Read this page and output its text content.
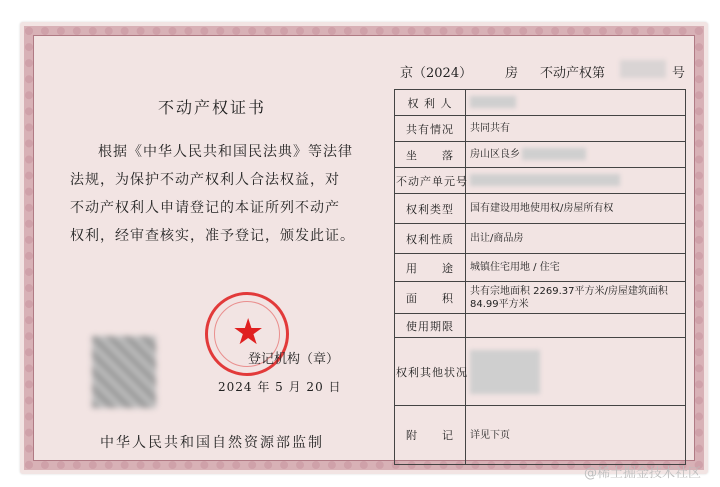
不动产权证书
根据《中华人民共和国民法典》等法律
法规，为保护不动产权利人合法权益，对
不动产权利人申请登记的本证所列不动产
权利，经审查核实，准予登记，颁发此证。
★
登记机构（章）
2024 年 5 月 20 日
中华人民共和国自然资源部监制
京（2024）	房 不动产权第	号
权 利 人	
共有情况	共同共有
坐　　落	房山区良乡
不动产单元号	
权利类型	国有建设用地使用权/房屋所有权
权利性质	出让/商品房
用　　途	城镇住宅用地 / 住宅
面　　积	共有宗地面积 2269.37平方米/房屋建筑面积 84.99平方米
使用期限	
权利其他状况	
附　　记	详见下页
@稀土掘金技术社区
